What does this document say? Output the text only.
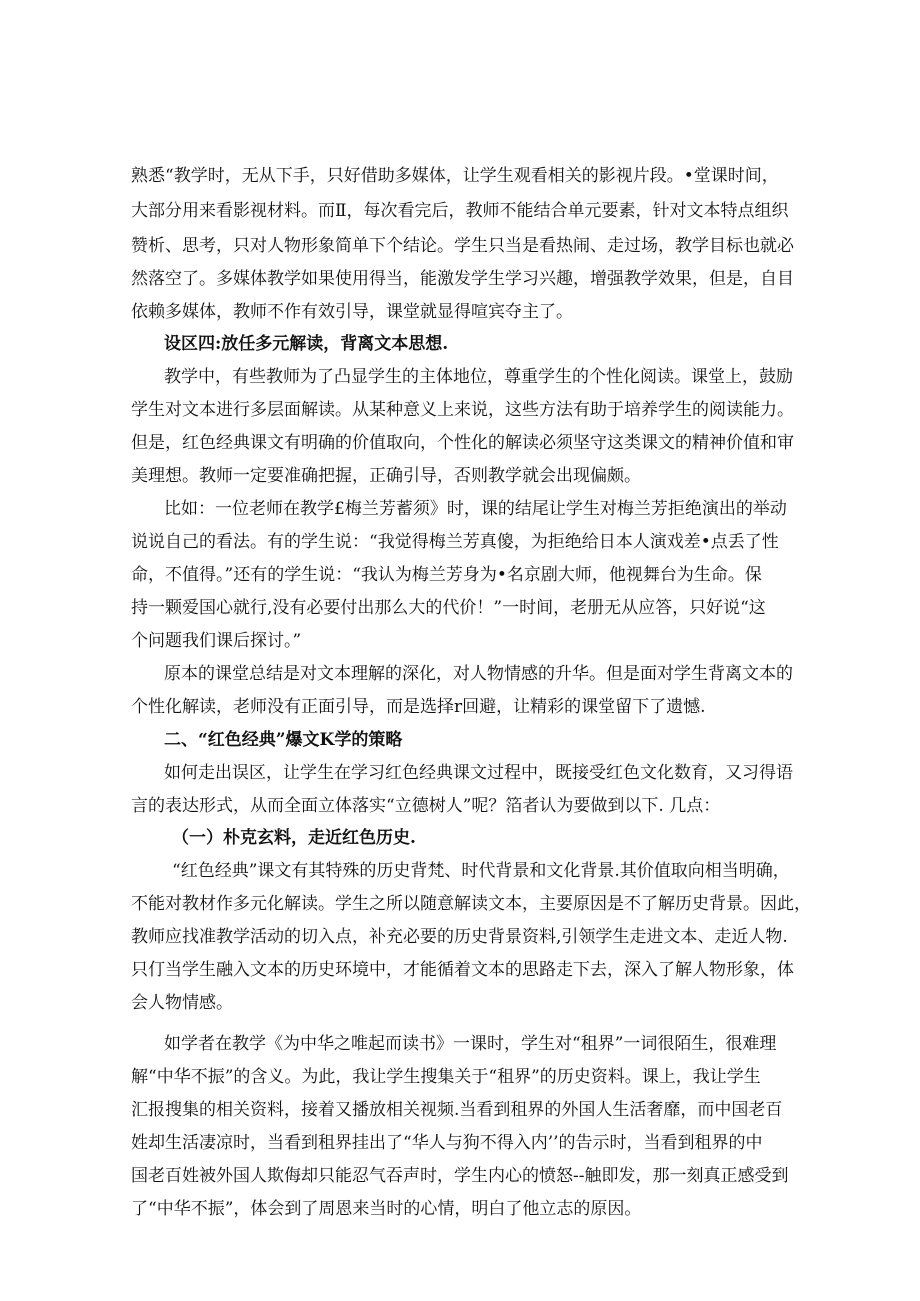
熟悉“教学时，无从下手，只好借助多媒体，让学生观看相关的影视片段。•堂课时间，
大部分用来看影视材料。而Ⅱ，每次看完后，教师不能结合单元要素，针对文本特点组织
赞析、思考，只对人物形象简单下个结论。学生只当是看热闹、走过场，教学目标也就必
然落空了。多媒体教学如果使用得当，能激发学生学习兴趣，增强教学效果，但是，自目
依赖多媒体，教师不作有效引导，课堂就显得喧宾夺主了。
设区四:放任多元解读，背离文本思想.
教学中，有些教师为了凸显学生的主体地位，尊重学生的个性化阅读。课堂上，鼓励
学生对文本进行多层面解读。从某种意义上来说，这些方法有助于培养学生的阅读能力。
但是，红色经典课文有明确的价值取向，个性化的解读必须坚守这类课文的精神价值和审
美理想。教师一定要准确把握，正确引导，否则教学就会出现偏颇。
比如：一位老师在教学£梅兰芳蓄须》时，课的结尾让学生对梅兰芳拒绝演出的举动
说说自己的看法。有的学生说：“我觉得梅兰芳真傻，为拒绝给日本人演戏差•点丢了性
命，不值得。”还有的学生说：“我认为梅兰芳身为•名京剧大师，他视舞台为生命。保
持一颗爱国心就行,没有必要付出那么大的代价！”一时间，老册无从应答，只好说“这
个问题我们课后探讨。”
原本的课堂总结是对文本理解的深化，对人物情感的升华。但是面对学生背离文本的
个性化解读，老师没有正面引导，而是选择r回避，让精彩的课堂留下了遗憾.
二、“红色经典”爆文K学的策略
如何走出误区，让学生在学习红色经典课文过程中，既接受红色文化数育，又习得语
言的表达形式，从而全面立体落实“立德树人”呢？箔者认为要做到以下. 几点：
（一）朴克玄料，走近红色历史.
“红色经典”课文有其特殊的历史背梵、时代背景和文化背景.其价值取向相当明确，
不能对教材作多元化解读。学生之所以随意解读文本，主要原因是不了解历史背景。因此，
教师应找准教学活动的切入点，补充必要的历史背景资料,引领学生走进文本、走近人物.
只仃当学生融入文本的历史环境中，才能循着文本的思路走下去，深入了解人物形象，体
会人物情感。
如学者在教学《为中华之唯起而读书》一课时，学生对“租界”一词很陌生，很难理
解“中华不振”的含义。为此，我让学生搜集关于“租界”的历史资料。课上，我让学生
汇报搜集的相关资料，接着又播放相关视频.当看到租界的外国人生活奢靡，而中国老百
姓却生活凄凉时，当看到租界挂出了“华人与狗不得入内’’的告示时，当看到租界的中
国老百姓被外国人欺侮却只能忍气吞声时，学生内心的愤怒--触即发，那一刻真正感受到
了“中华不振”，体会到了周恩来当时的心情，明白了他立志的原因。
